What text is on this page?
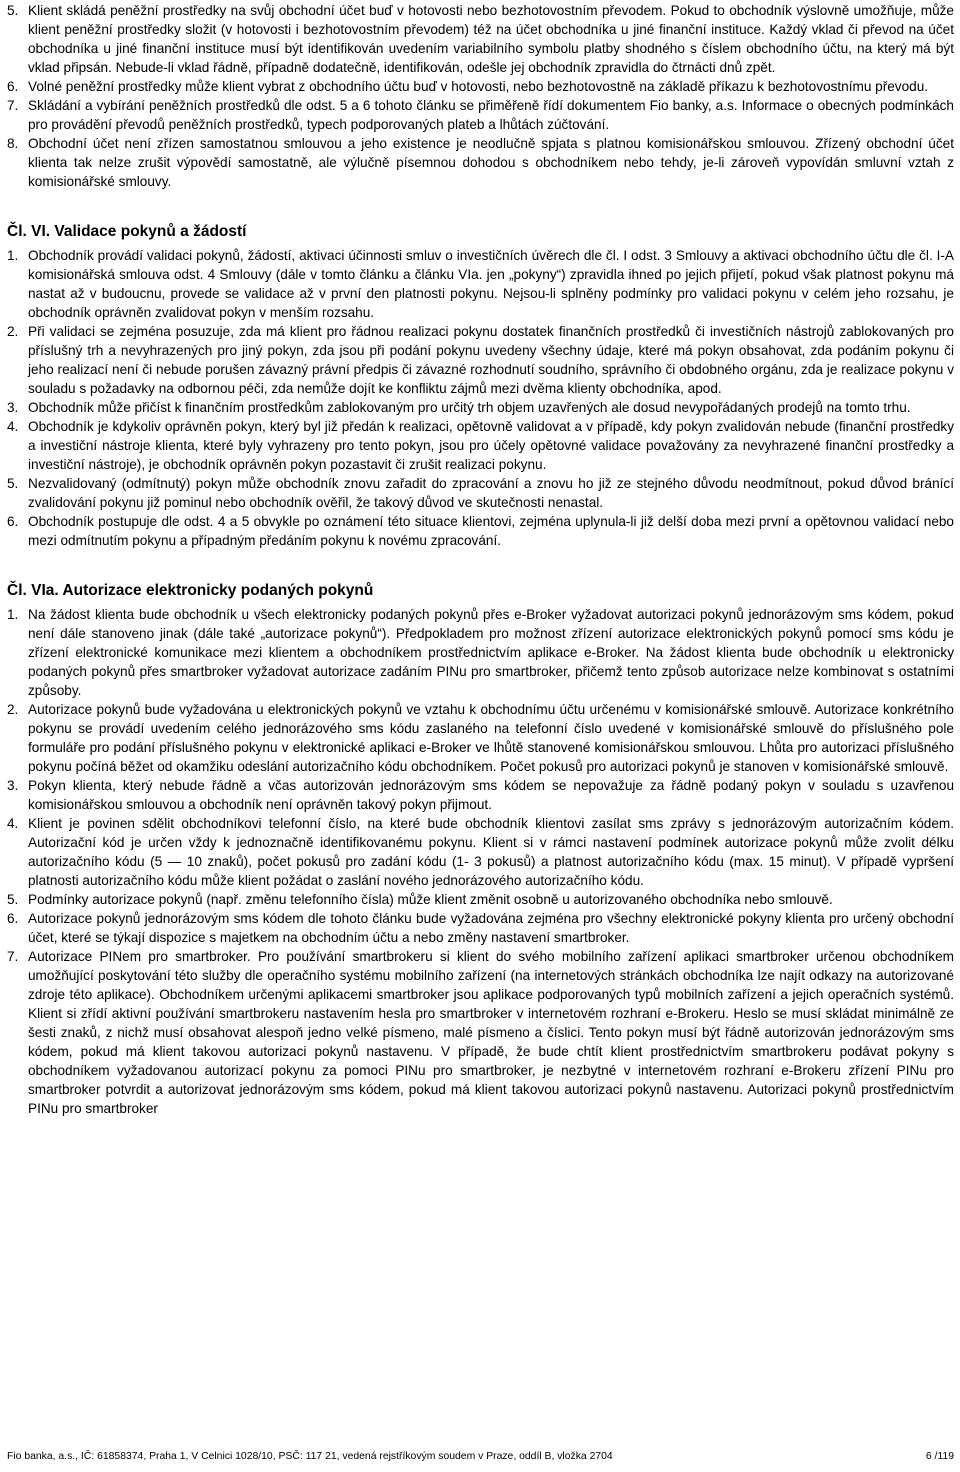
5. Klient skládá peněžní prostředky na svůj obchodní účet buď v hotovosti nebo bezhotovostním převodem. Pokud to obchodník výslovně umožňuje, může klient peněžní prostředky složit (v hotovosti i bezhotovostním převodem) též na účet obchodníka u jiné finanční instituce. Každý vklad či převod na účet obchodníka u jiné finanční instituce musí být identifikován uvedením variabilního symbolu platby shodného s číslem obchodního účtu, na který má být vklad připsán. Nebude-li vklad řádně, případně dodatečně, identifikován, odešle jej obchodník zpravidla do čtrnácti dnů zpět.
6. Volné peněžní prostředky může klient vybrat z obchodního účtu buď v hotovosti, nebo bezhotovostně na základě příkazu k bezhotovostnímu převodu.
7. Skládání a vybírání peněžních prostředků dle odst. 5 a 6 tohoto článku se přiměřeně řídí dokumentem Fio banky, a.s. Informace o obecných podmínkách pro provádění převodů peněžních prostředků, typech podporovaných plateb a lhůtách zúčtování.
8. Obchodní účet není zřízen samostatnou smlouvou a jeho existence je neodlučně spjata s platnou komisionářskou smlouvou. Zřízený obchodní účet klienta tak nelze zrušit výpovědí samostatně, ale výlučně písemnou dohodou s obchodníkem nebo tehdy, je-li zároveň vypovídán smluvní vztah z komisionářské smlouvy.
Čl. VI. Validace pokynů a žádostí
1. Obchodník provádí validaci pokynů, žádostí, aktivaci účinnosti smluv o investičních úvěrech dle čl. I odst. 3 Smlouvy a aktivaci obchodního účtu dle čl. I-A komisionářská smlouva odst. 4 Smlouvy (dále v tomto článku a článku VIa. jen „pokyny“) zpravidla ihned po jejich přijetí, pokud však platnost pokynu má nastat až v budoucnu, provede se validace až v první den platnosti pokynu. Nejsou-li splněny podmínky pro validaci pokynu v celém jeho rozsahu, je obchodník oprávněn zvalidovat pokyn v menším rozsahu.
2. Při validaci se zejména posuzuje, zda má klient pro řádnou realizaci pokynu dostatek finančních prostředků či investičních nástrojů zablokovaných pro příslušný trh a nevyhrazených pro jiný pokyn, zda jsou při podání pokynu uvedeny všechny údaje, které má pokyn obsahovat, zda podáním pokynu či jeho realizací není či nebude porušen závazný právní předpis či závazné rozhodnutí soudního, správního či obdobného orgánu, zda je realizace pokynu v souladu s požadavky na odbornou péči, zda nemůže dojít ke konfliktu zájmů mezi dvěma klienty obchodníka, apod.
3. Obchodník může přičíst k finančním prostředkům zablokovaným pro určitý trh objem uzavřených ale dosud nevypořádaných prodejů na tomto trhu.
4. Obchodník je kdykoliv oprávněn pokyn, který byl již předán k realizaci, opětovně validovat a v případě, kdy pokyn zvalidován nebude (finanční prostředky a investiční nástroje klienta, které byly vyhrazeny pro tento pokyn, jsou pro účely opětovné validace považovány za nevyhrazené finanční prostředky a investiční nástroje), je obchodník oprávněn pokyn pozastavit či zrušit realizaci pokynu.
5. Nezvalidovaný (odmítnutý) pokyn může obchodník znovu zařadit do zpracování a znovu ho již ze stejného důvodu neodmítnout, pokud důvod bránící zvalidování pokynu již pominul nebo obchodník ověřil, že takový důvod ve skutečnosti nenastal.
6. Obchodník postupuje dle odst. 4 a 5 obvykle po oznámení této situace klientovi, zejména uplynula-li již delší doba mezi první a opětovnou validací nebo mezi odmítnutím pokynu a případným předáním pokynu k novému zpracování.
Čl. VIa. Autorizace elektronicky podaných pokynů
1. Na žádost klienta bude obchodník u všech elektronicky podaných pokynů přes e-Broker vyžadovat autorizaci pokynů jednorázovým sms kódem, pokud není dále stanoveno jinak (dále také „autorizace pokynů“). Předpokladem pro možnost zřízení autorizace elektronických pokynů pomocí sms kódu je zřízení elektronické komunikace mezi klientem a obchodníkem prostřednictvím aplikace e-Broker. Na žádost klienta bude obchodník u elektronicky podaných pokynů přes smartbroker vyžadovat autorizace zadáním PINu pro smartbroker, přičemž tento způsob autorizace nelze kombinovat s ostatními způsoby.
2. Autorizace pokynů bude vyžadována u elektronických pokynů ve vztahu k obchodnímu účtu určenému v komisionářské smlouvě. Autorizace konkrétního pokynu se provádí uvedením celého jednorázového sms kódu zaslaného na telefonní číslo uvedené v komisionářské smlouvě do příslušného pole formuláře pro podání příslušného pokynu v elektronické aplikaci e-Broker ve lhůtě stanovené komisionářskou smlouvou. Lhůta pro autorizaci příslušného pokynu počíná běžet od okamžiku odeslání autorizačního kódu obchodníkem. Počet pokusů pro autorizaci pokynů je stanoven v komisionářské smlouvě.
3. Pokyn klienta, který nebude řádně a včas autorizován jednorázovým sms kódem se nepovažuje za řádně podaný pokyn v souladu s uzavřenou komisionářskou smlouvou a obchodník není oprávněn takový pokyn přijmout.
4. Klient je povinen sdělit obchodníkovi telefonní číslo, na které bude obchodník klientovi zasílat sms zprávy s jednorázovým autorizačním kódem. Autorizační kód je určen vždy k jednoznačně identifikovanému pokynu. Klient si v rámci nastavení podmínek autorizace pokynů může zvolit délku autorizačního kódu (5 — 10 znaků), počet pokusů pro zadání kódu (1- 3 pokusů) a platnost autorizačního kódu (max. 15 minut). V případě vypršení platnosti autorizačního kódu může klient požádat o zaslání nového jednorázového autorizačního kódu.
5. Podmínky autorizace pokynů (např. změnu telefonního čísla) může klient změnit osobně u autorizovaného obchodníka nebo smlouvě.
6. Autorizace pokynů jednorázovým sms kódem dle tohoto článku bude vyžadována zejména pro všechny elektronické pokyny klienta pro určený obchodní účet, které se týkají dispozice s majetkem na obchodním účtu a nebo změny nastavení smartbroker.
7. Autorizace PINem pro smartbroker. Pro používání smartbrokeru si klient do svého mobilního zařízení aplikaci smartbroker určenou obchodníkem umožňující poskytování této služby dle operačního systému mobilního zařízení (na internetových stránkách obchodníka lze najít odkazy na autorizované zdroje této aplikace). Obchodníkem určenými aplikacemi smartbroker jsou aplikace podporovaných typů mobilních zařízení a jejich operačních systémů. Klient si zřídí aktivní používání smartbrokeru nastavením hesla pro smartbroker v internetovém rozhraní e-Brokeru. Heslo se musí skládat minimálně ze šesti znaků, z nichž musí obsahovat alespoň jedno velké písmeno, malé písmeno a číslici. Tento pokyn musí být řádně autorizován jednorázovým sms kódem, pokud má klient takovou autorizaci pokynů nastavenu. V případě, že bude chtít klient prostřednictvím smartbrokeru podávat pokyny s obchodníkem vyžadovanou autorizací pokynu za pomoci PINu pro smartbroker, je nezbytné v internetovém rozhraní e-Brokeru zřízení PINu pro smartbroker potvrdit a autorizovat jednorázovým sms kódem, pokud má klient takovou autorizaci pokynů nastavenu. Autorizaci pokynů prostřednictvím PINu pro smartbroker
Fio banka, a.s., IČ: 61858374, Praha 1, V Celnici 1028/10, PSČ: 117 21, vedená rejstříkovým soudem v Praze, oddíl B, vložka 2704	6 /119
